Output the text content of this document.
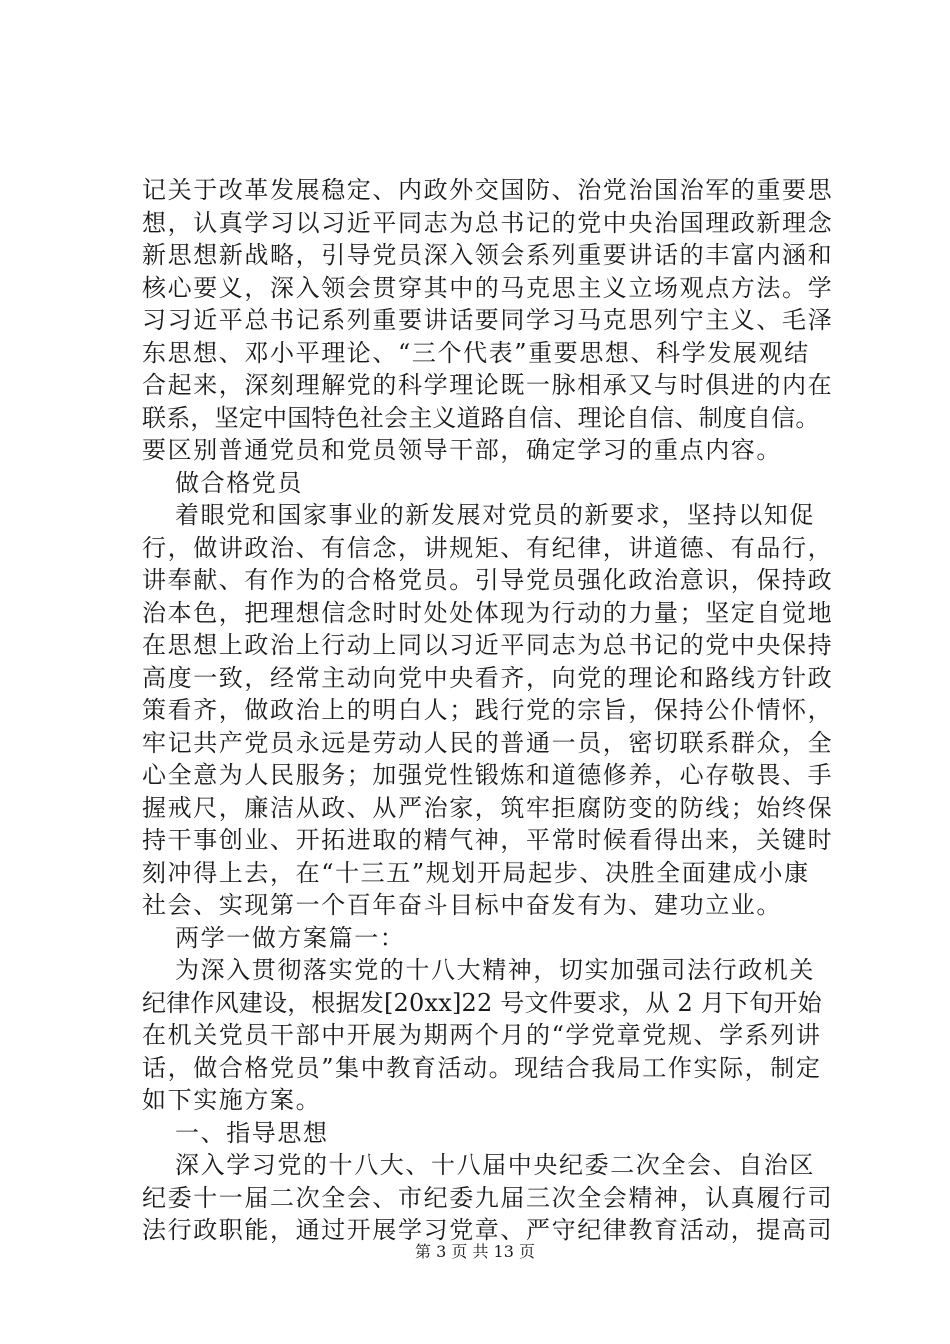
记关于改革发展稳定、内政外交国防、治党治国治军的重要思
想，认真学习以习近平同志为总书记的党中央治国理政新理念
新思想新战略，引导党员深入领会系列重要讲话的丰富内涵和
核心要义，深入领会贯穿其中的马克思主义立场观点方法。学
习习近平总书记系列重要讲话要同学习马克思列宁主义、毛泽
东思想、邓小平理论、“三个代表”重要思想、科学发展观结
合起来，深刻理解党的科学理论既一脉相承又与时俱进的内在
联系，坚定中国特色社会主义道路自信、理论自信、制度自信。
要区别普通党员和党员领导干部，确定学习的重点内容。
做合格党员
着眼党和国家事业的新发展对党员的新要求，坚持以知促
行，做讲政治、有信念，讲规矩、有纪律，讲道德、有品行，
讲奉献、有作为的合格党员。引导党员强化政治意识，保持政
治本色，把理想信念时时处处体现为行动的力量；坚定自觉地
在思想上政治上行动上同以习近平同志为总书记的党中央保持
高度一致，经常主动向党中央看齐，向党的理论和路线方针政
策看齐，做政治上的明白人；践行党的宗旨，保持公仆情怀，
牢记共产党员永远是劳动人民的普通一员，密切联系群众，全
心全意为人民服务；加强党性锻炼和道德修养，心存敬畏、手
握戒尺，廉洁从政、从严治家，筑牢拒腐防变的防线；始终保
持干事创业、开拓进取的精气神，平常时候看得出来，关键时
刻冲得上去，在“十三五”规划开局起步、决胜全面建成小康
社会、实现第一个百年奋斗目标中奋发有为、建功立业。
两学一做方案篇一：
为深入贯彻落实党的十八大精神，切实加强司法行政机关
纪律作风建设，根据发[20xx]22 号文件要求，从 2 月下旬开始
在机关党员干部中开展为期两个月的“学党章党规、学系列讲
话，做合格党员”集中教育活动。现结合我局工作实际，制定
如下实施方案。
一、指导思想
深入学习党的十八大、十八届中央纪委二次全会、自治区
纪委十一届二次全会、市纪委九届三次全会精神，认真履行司
法行政职能，通过开展学习党章、严守纪律教育活动，提高司
第 3 页 共 13 页
